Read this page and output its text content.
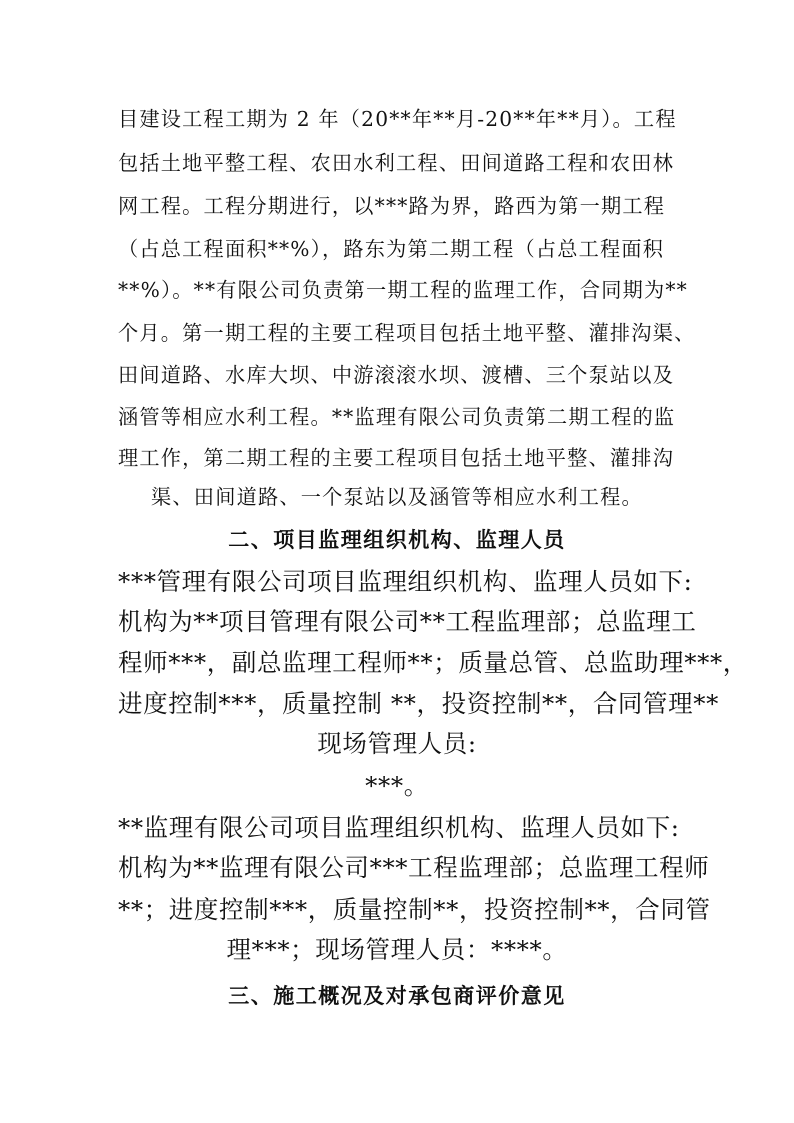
目建设工程工期为 2 年（20**年**月-20**年**月）。工程
包括土地平整工程、农田水利工程、田间道路工程和农田林
网工程。工程分期进行，以***路为界，路西为第一期工程
（占总工程面积**%），路东为第二期工程（占总工程面积
**%）。**有限公司负责第一期工程的监理工作，合同期为**
个月。第一期工程的主要工程项目包括土地平整、灌排沟渠、
田间道路、水库大坝、中游滚滚水坝、渡槽、三个泵站以及
涵管等相应水利工程。**监理有限公司负责第二期工程的监
理工作，第二期工程的主要工程项目包括土地平整、灌排沟
渠、田间道路、一个泵站以及涵管等相应水利工程。
二、项目监理组织机构、监理人员
***管理有限公司项目监理组织机构、监理人员如下:
机构为**项目管理有限公司**工程监理部；总监理工
程师***，副总监理工程师**；质量总管、总监助理***，
进度控制***，质量控制 **，投资控制**，合同管理**
现场管理人员:
***。
**监理有限公司项目监理组织机构、监理人员如下:
机构为**监理有限公司***工程监理部；总监理工程师
**；进度控制***，质量控制**，投资控制**，合同管
理***；现场管理人员：****。
三、施工概况及对承包商评价意见
